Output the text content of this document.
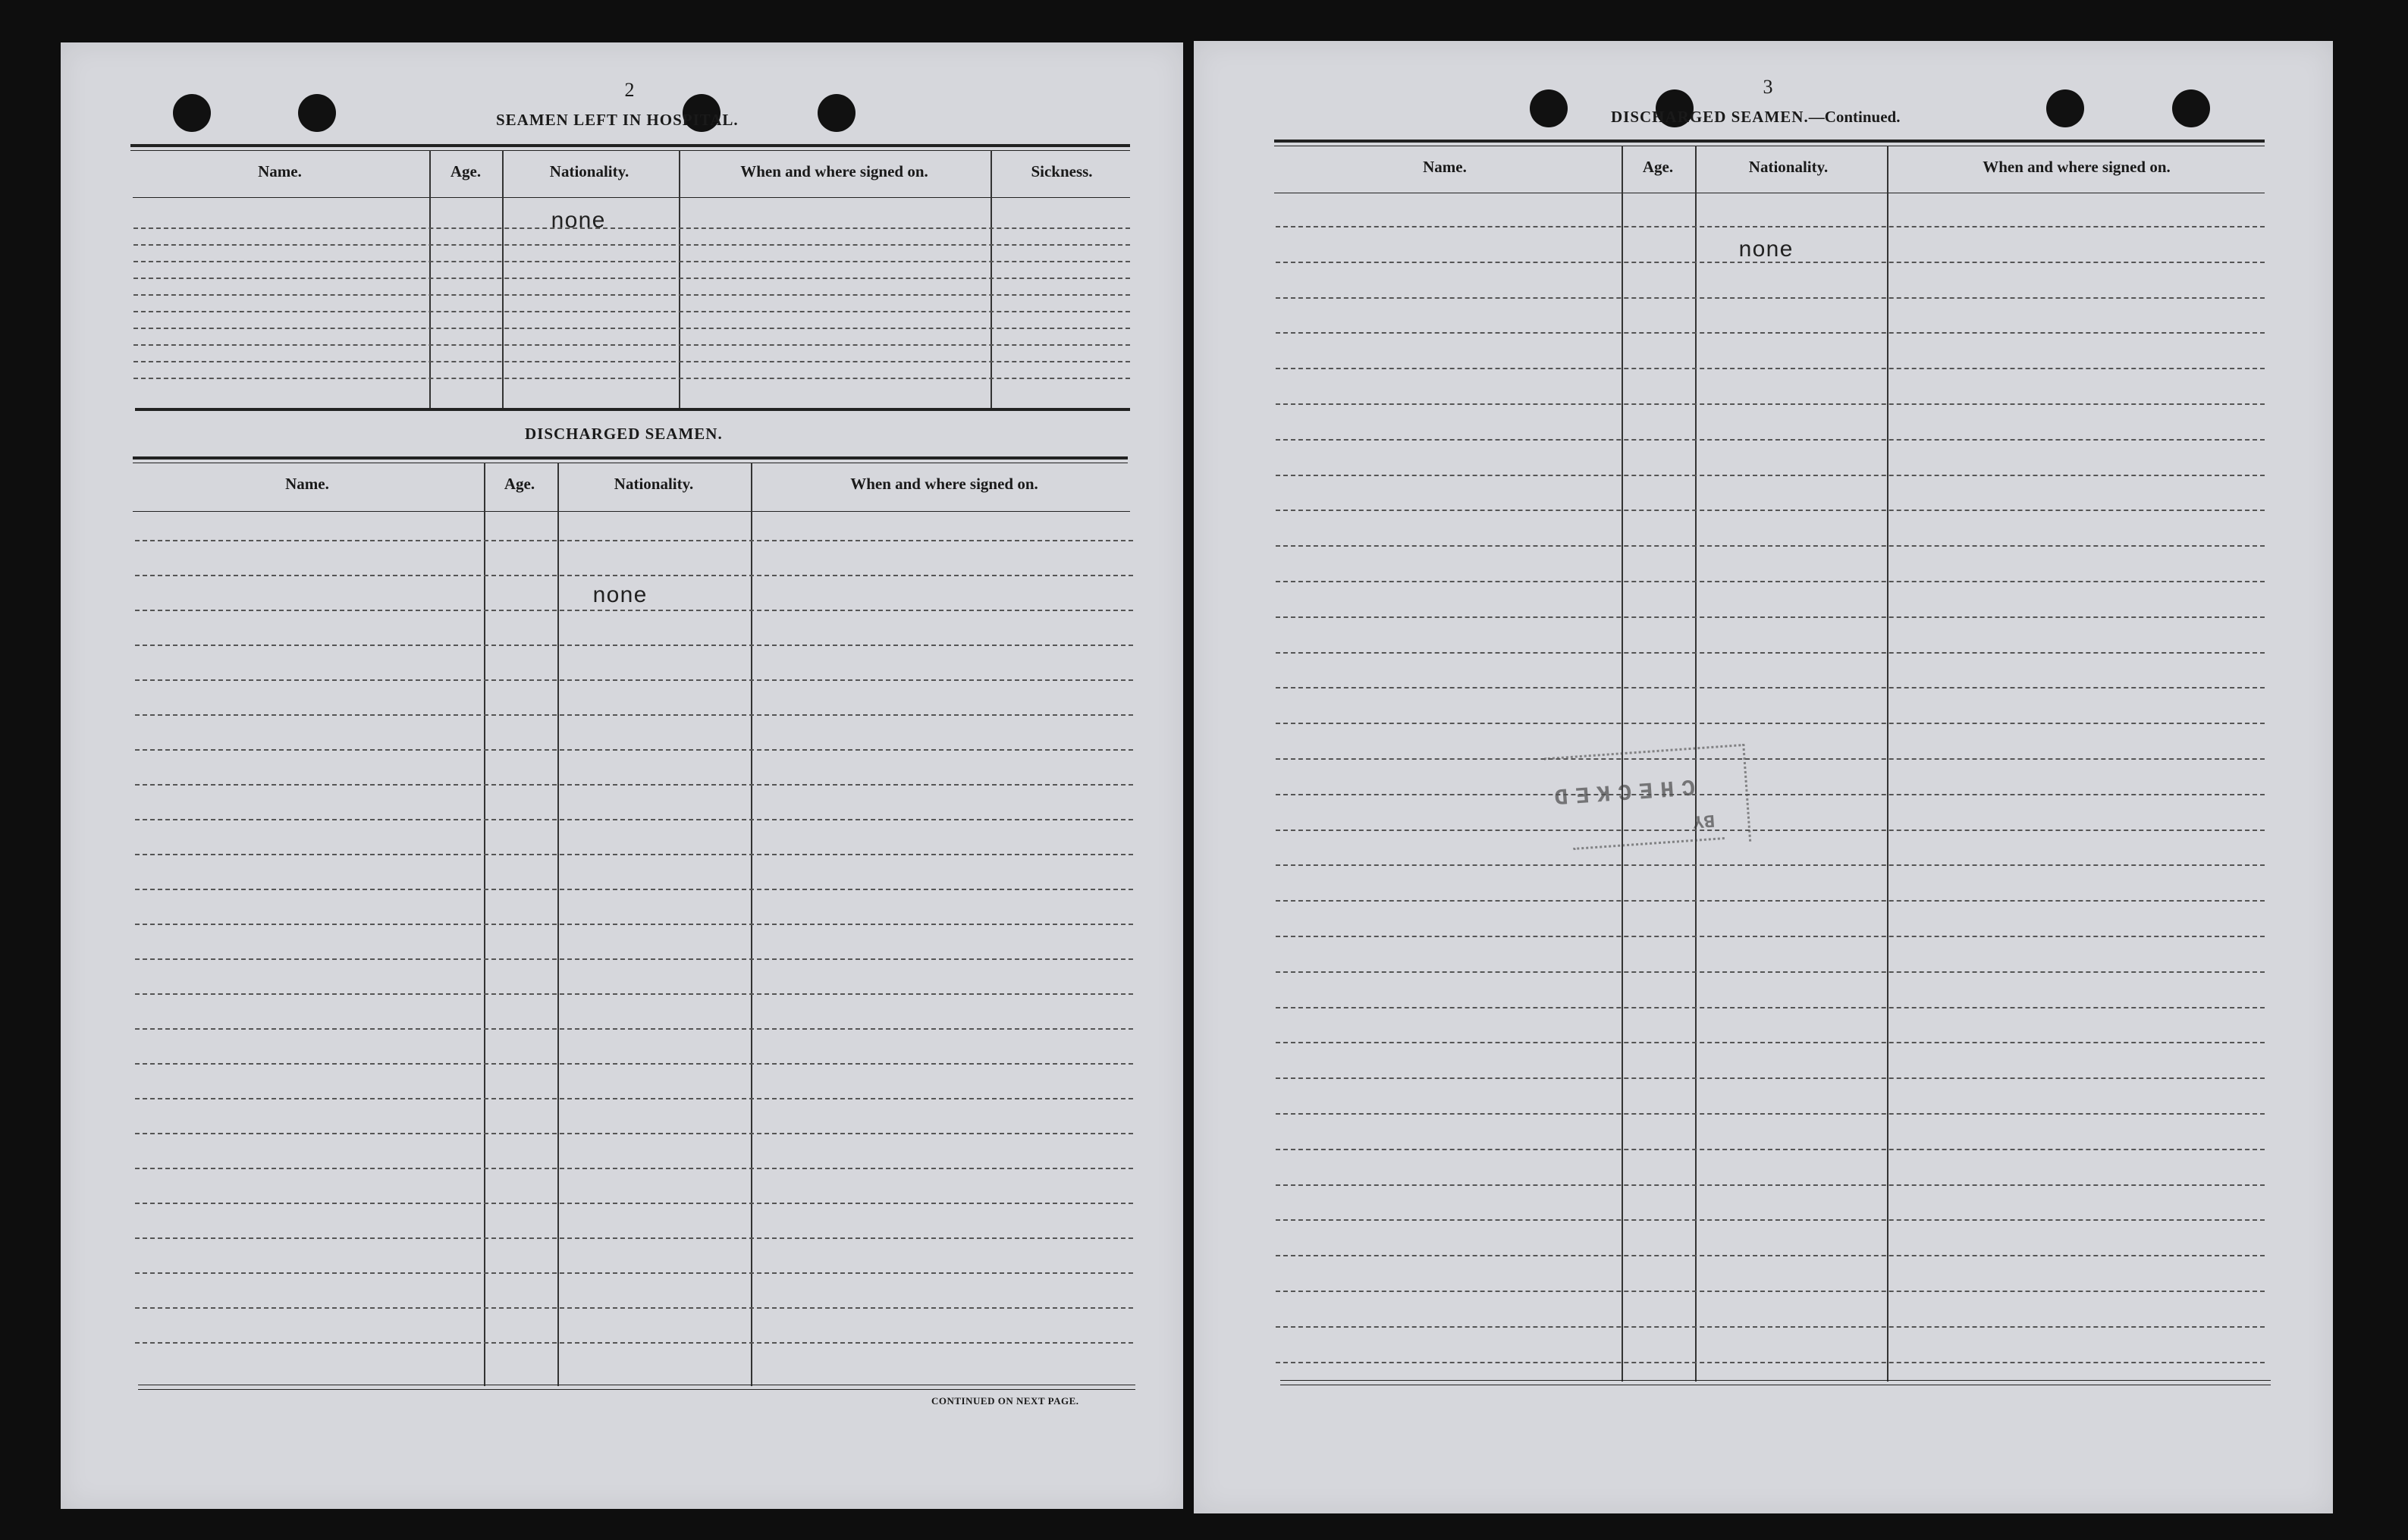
2
SEAMEN LEFT IN HOSPITAL.
Name.	Age.	Nationality.	When and where signed on.	Sickness.
none
DISCHARGED SEAMEN.
Name.	Age.	Nationality.	When and where signed on.
none
CONTINUED ON NEXT PAGE.
3
DISCHARGED SEAMEN.—Continued.
Name.	Age.	Nationality.	When and where signed on.
none
CHECKED
BY
